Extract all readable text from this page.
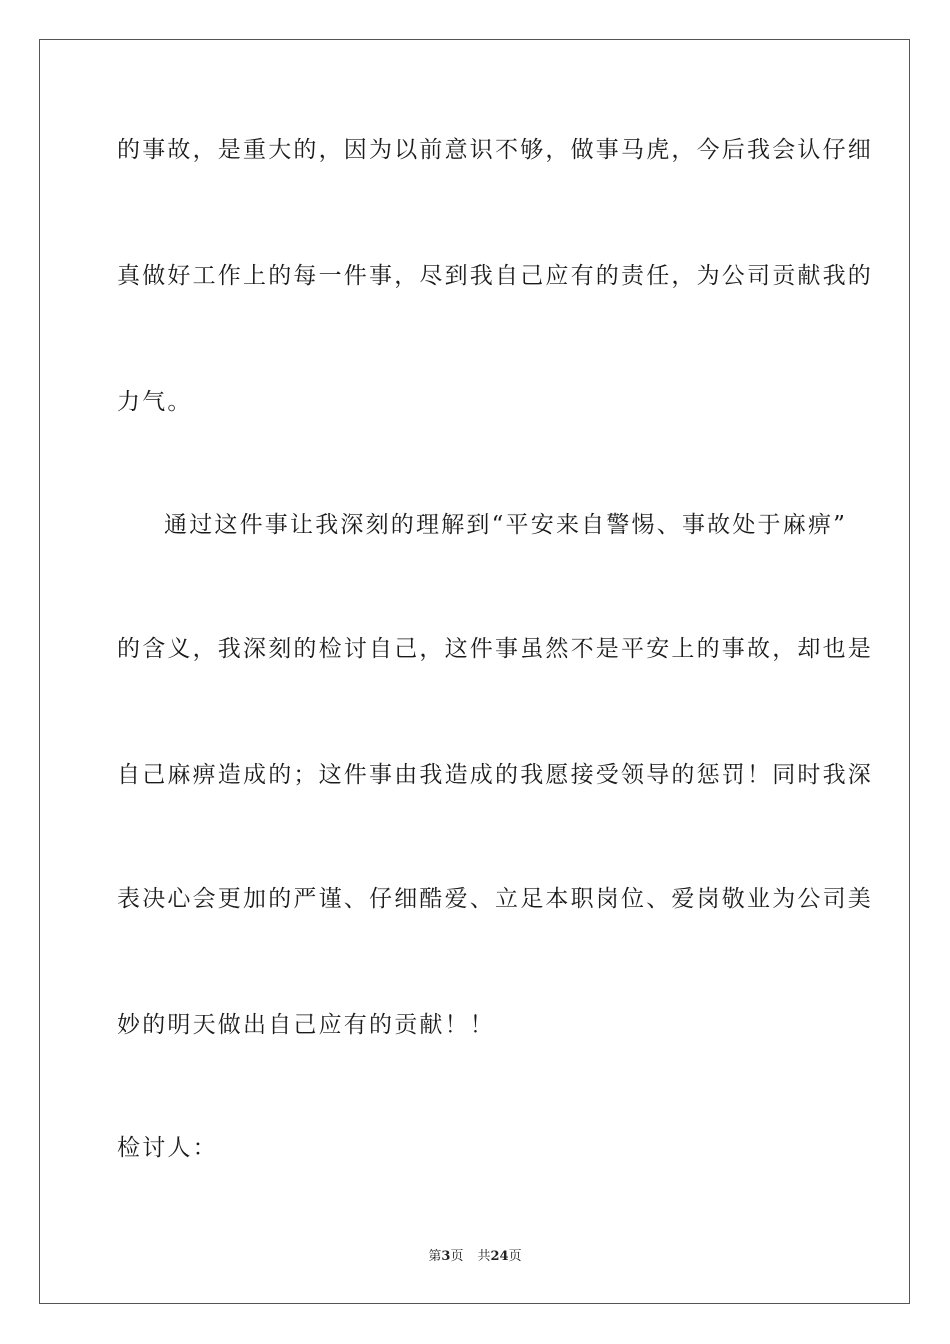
的事故，是重大的，因为以前意识不够，做事马虎，今后我会认仔细
真做好工作上的每一件事，尽到我自己应有的责任，为公司贡献我的
力气。
通过这件事让我深刻的理解到“平安来自警惕、事故处于麻痹”
的含义，我深刻的检讨自己，这件事虽然不是平安上的事故，却也是
自己麻痹造成的；这件事由我造成的我愿接受领导的惩罚！同时我深
表决心会更加的严谨、仔细酷爱、立足本职岗位、爱岗敬业为公司美
妙的明天做出自己应有的贡献！！
检讨人：
第3页 共24页
